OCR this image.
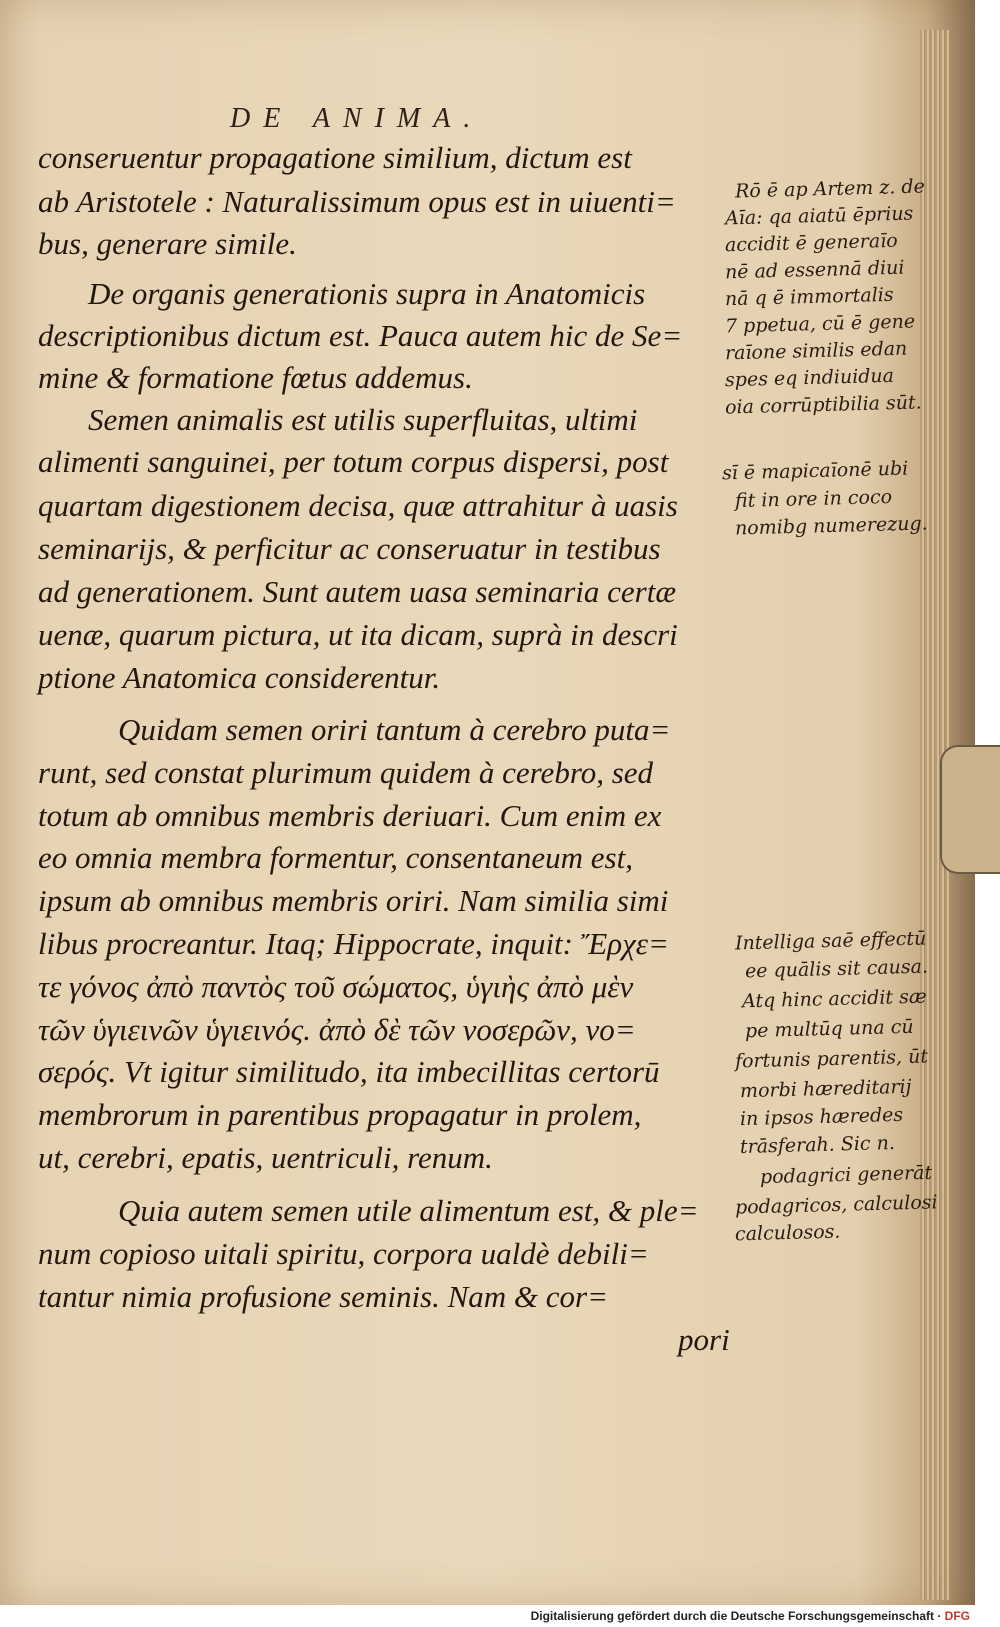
DE ANIMA.
conseruentur propagatione similium, dictum est
ab Aristotele : Naturalissimum opus est in uiuenti=
bus, generare simile.
De organis generationis supra in Anatomicis
descriptionibus dictum est. Pauca autem hic de Se=
mine & formatione fœtus addemus.
Semen animalis est utilis superfluitas, ultimi
alimenti sanguinei, per totum corpus dispersi, post
quartam digestionem decisa, quæ attrahitur à uasis
seminarijs, & perficitur ac conseruatur in testibus
ad generationem. Sunt autem uasa seminaria certæ
uenæ, quarum pictura, ut ita dicam, suprà in descri
ptione Anatomica considerentur.
Quidam semen oriri tantum à cerebro puta=
runt, sed constat plurimum quidem à cerebro, sed
totum ab omnibus membris deriuari. Cum enim ex
eo omnia membra formentur, consentaneum est,
ipsum ab omnibus membris oriri. Nam similia simi
libus procreantur. Itaq; Hippocrate, inquit: Ἔρχε=
τε γόνος ἀπὸ παντὸς τοῦ σώματος, ὑγιὴς ἀπὸ μὲν
τῶν ὑγιεινῶν ὑγιεινός. ἀπὸ δὲ τῶν νοσερῶν, νο=
σερός. Vt igitur similitudo, ita imbecillitas certorū
membrorum in parentibus propagatur in prolem,
ut, cerebri, epatis, uentriculi, renum.
Quia autem semen utile alimentum est, & ple=
num copioso uitali spiritu, corpora ualdè debili=
tantur nimia profusione seminis. Nam & cor=
pori
Rō ē ap Artem z. de
Aīa: qa aiatū ēprius
accidit ē generaīo
nē ad essennā diui
nā q ē immortalis
7 ppetua, cū ē gene
raīone similis edan
spes eq indiuidua
oia corrūptibilia sūt.
sī ē mapicaīonē ubi
fit in ore in coco
nomibg numerezug.
Intelliga saē effectū
ee quālis sit causa.
Atq hinc accidit sæ
pe multūq una cū
fortunis parentis, ūt
morbi hæreditarij
in ipsos hæredes
trāsferah. Sic n.
podagrici generāt
podagricos, calculosi
calculosos.
Digitalisierung gefördert durch die Deutsche Forschungsgemeinschaft · DFG
